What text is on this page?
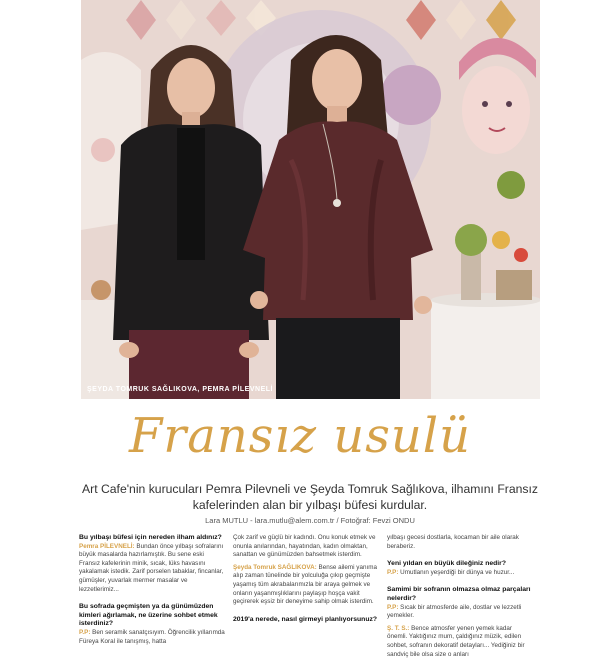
ŞEYDA TOMRUK SAĞLIKOVA, PEMRA PİLEVNELİ
Fransız usulü
Art Cafe'nin kurucuları Pemra Pilevneli ve Şeyda Tomruk Sağlıkova, ilhamını Fransız kafelerinden alan bir yılbaşı büfesi kurdular.
Lara MUTLU - lara.mutlu@alem.com.tr / Fotoğraf: Fevzi ONDU

Bu yılbaşı büfesi için nereden ilham aldınız?

Pemra PİLEVNELİ: Bundan önce yılbaşı sofralarını büyük masalarda hazırlamıştık. Bu sene eski Fransız kafelerinin minik, sıcak, lüks havasını yakalamak istedik. Zarif porselen tabaklar, fincanlar, gümüşler, yuvarlak mermer masalar ve lezzetlerimiz...

Bu sofrada geçmişten ya da günümüzden kimleri ağırlamak, ne üzerine sohbet etmek isterdiniz?

P.P: Ben seramik sanatçısıyım. Öğrencilik yıllarımda Füreya Koral ile tanışmış, hatta

Çok zarif ve güçlü bir kadındı. Onu konuk etmek ve onunla anılarından, hayatından, kadın olmaktan, sanattan ve günümüzden bahsetmek isterdim.

Şeyda Tomruk SAĞLIKOVA: Bense ailemi yanıma alıp zaman tünelinde bir yolculuğa çıkıp geçmişte yaşamış tüm akrabalarımızla bir araya gelmek ve onların yaşanmışlıklarını paylaşıp hoşça vakit geçirerek eşsiz bir deneyime sahip olmak isterdim.

2019'a nerede, nasıl girmeyi planlıyorsunuz?

yılbaşı gecesi dostlarla, kocaman bir aile olarak beraberiz.

Yeni yıldan en büyük dileğiniz nedir?

P.P: Umutlanın yeşerdiği bir dünya ve huzur...

Samimi bir sofranın olmazsa olmaz parçaları nelerdir?

P.P: Sıcak bir atmosferde aile, dostlar ve lezzetli yemekler.

Ş. T. S.: Bence atmosfer yenen yemek kadar önemli. Yaktığınız mum, çaldığınız müzik, edilen sohbet, sofranın dekoratif detayları... Yediğiniz bir sandviç bile olsa size o anları
